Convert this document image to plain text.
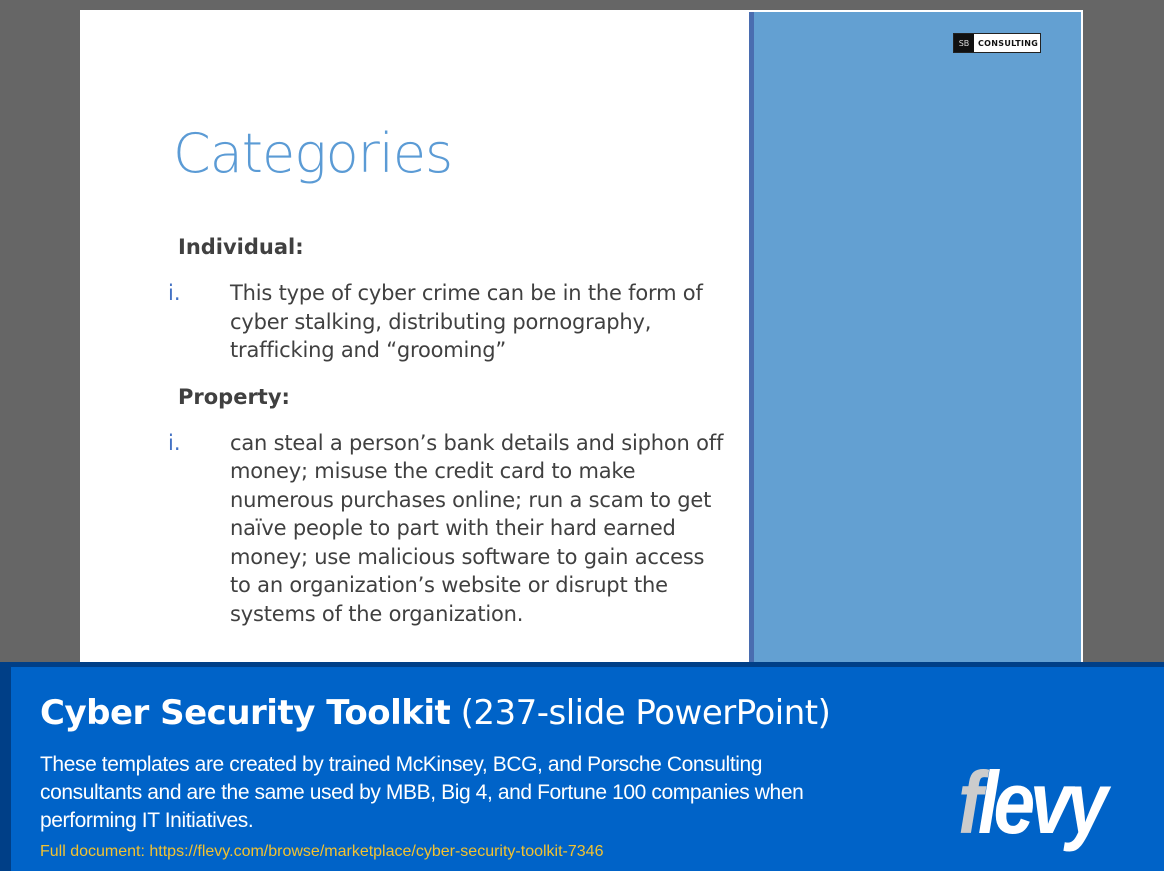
SB	CONSULTING
Categories
Individual:
i. This type of cyber crime can be in the form of cyber stalking, distributing pornography, trafficking and “grooming”
Property:
i. can steal a person’s bank details and siphon off money; misuse the credit card to make numerous purchases online; run a scam to get naïve people to part with their hard earned money; use malicious software to gain access to an organization’s website or disrupt the systems of the organization.
Cyber Security Toolkit (237-slide PowerPoint)
These templates are created by trained McKinsey, BCG, and Porsche Consulting consultants and are the same used by MBB, Big 4, and Fortune 100 companies when performing IT Initiatives.
Full document: https://flevy.com/browse/marketplace/cyber-security-toolkit-7346	flevy
